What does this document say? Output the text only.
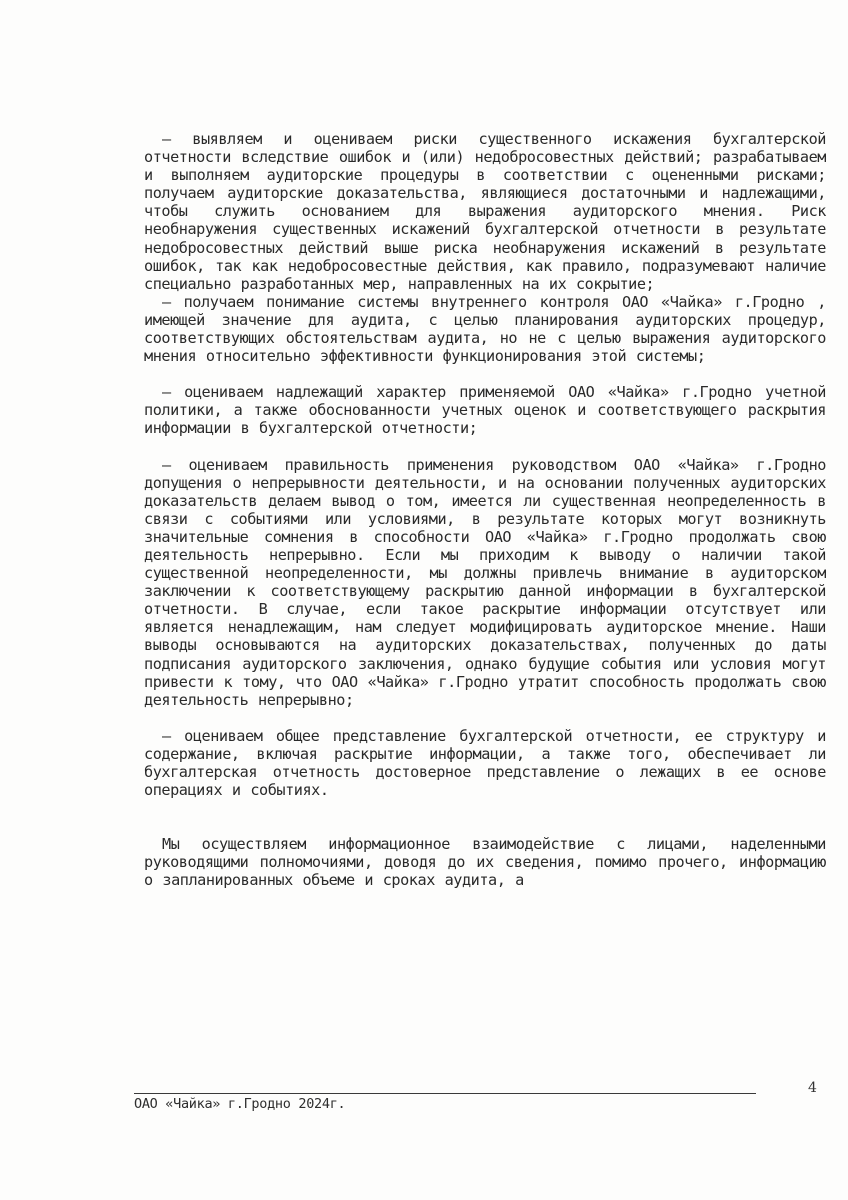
– выявляем и оцениваем риски существенного искажения бухгалтерской отчетности вследствие ошибок и (или) недобросовестных действий; разрабатываем и выполняем аудиторские процедуры в соответствии с оцененными рисками; получаем аудиторские доказательства, являющиеся достаточными и надлежащими, чтобы служить основанием для выражения аудиторского мнения. Риск необнаружения существенных искажений бухгалтерской отчетности в результате недобросовестных действий выше риска необнаружения искажений в результате ошибок, так как недобросовестные действия, как правило, подразумевают наличие специально разработанных мер, направленных на их сокрытие;

– получаем понимание системы внутреннего контроля ОАО «Чайка» г.Гродно , имеющей значение для аудита, с целью планирования аудиторских процедур, соответствующих обстоятельствам аудита, но не с целью выражения аудиторского мнения относительно эффективности функционирования этой системы;

– оцениваем надлежащий характер применяемой ОАО «Чайка» г.Гродно учетной политики, а также обоснованности учетных оценок и соответствующего раскрытия информации в бухгалтерской отчетности;

– оцениваем правильность применения руководством ОАО «Чайка» г.Гродно допущения о непрерывности деятельности, и на основании полученных аудиторских доказательств делаем вывод о том, имеется ли существенная неопределенность в связи с событиями или условиями, в результате которых могут возникнуть значительные сомнения в способности ОАО «Чайка» г.Гродно продолжать свою деятельность непрерывно. Если мы приходим к выводу о наличии такой существенной неопределенности, мы должны привлечь внимание в аудиторском заключении к соответствующему раскрытию данной информации в бухгалтерской отчетности. В случае, если такое раскрытие информации отсутствует или является ненадлежащим, нам следует модифицировать аудиторское мнение. Наши выводы основываются на аудиторских доказательствах, полученных до даты подписания аудиторского заключения, однако будущие события или условия могут привести к тому, что ОАО «Чайка» г.Гродно утратит способность продолжать свою деятельность непрерывно;

– оцениваем общее представление бухгалтерской отчетности, ее структуру и содержание, включая раскрытие информации, а также того, обеспечивает ли бухгалтерская отчетность достоверное представление о лежащих в ее основе операциях и событиях.

Мы осуществляем информационное взаимодействие с лицами, наделенными руководящими полномочиями, доводя до их сведения, помимо прочего, информацию о запланированных объеме и сроках аудита, а

4
ОАО «Чайка» г.Гродно 2024г.
